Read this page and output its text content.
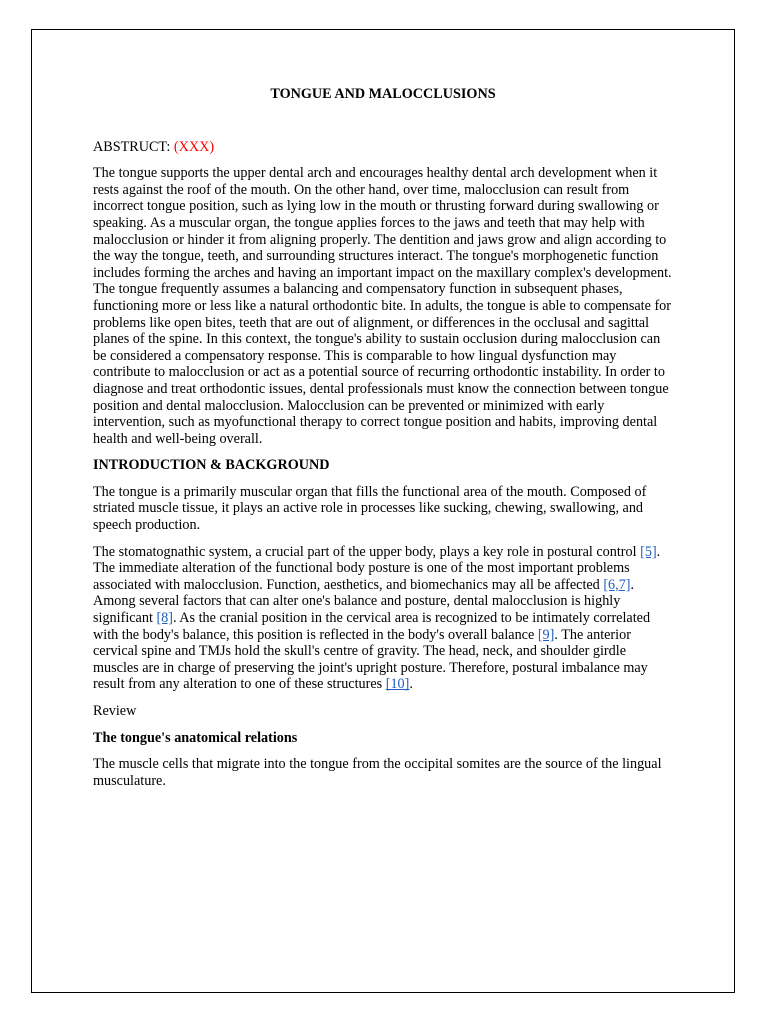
TONGUE AND MALOCCLUSIONS
ABSTRUCT: (XXX)

The tongue supports the upper dental arch and encourages healthy dental arch development when it rests against the roof of the mouth. On the other hand, over time, malocclusion can result from incorrect tongue position, such as lying low in the mouth or thrusting forward during swallowing or speaking. As a muscular organ, the tongue applies forces to the jaws and teeth that may help with malocclusion or hinder it from aligning properly. The dentition and jaws grow and align according to the way the tongue, teeth, and surrounding structures interact. The tongue's morphogenetic function includes forming the arches and having an important impact on the maxillary complex's development. The tongue frequently assumes a balancing and compensatory function in subsequent phases, functioning more or less like a natural orthodontic bite. In adults, the tongue is able to compensate for problems like open bites, teeth that are out of alignment, or differences in the occlusal and sagittal planes of the spine. In this context, the tongue's ability to sustain occlusion during malocclusion can be considered a compensatory response. This is comparable to how lingual dysfunction may contribute to malocclusion or act as a potential source of recurring orthodontic instability. In order to diagnose and treat orthodontic issues, dental professionals must know the connection between tongue position and dental malocclusion. Malocclusion can be prevented or minimized with early intervention, such as myofunctional therapy to correct tongue position and habits, improving dental health and well-being overall.

INTRODUCTION & BACKGROUND

The tongue is a primarily muscular organ that fills the functional area of the mouth. Composed of striated muscle tissue, it plays an active role in processes like sucking, chewing, swallowing, and speech production.

The stomatognathic system, a crucial part of the upper body, plays a key role in postural control [5]. The immediate alteration of the functional body posture is one of the most important problems associated with malocclusion. Function, aesthetics, and biomechanics may all be affected [6,7]. Among several factors that can alter one's balance and posture, dental malocclusion is highly significant [8]. As the cranial position in the cervical area is recognized to be intimately correlated with the body's balance, this position is reflected in the body's overall balance [9]. The anterior cervical spine and TMJs hold the skull's centre of gravity. The head, neck, and shoulder girdle muscles are in charge of preserving the joint's upright posture. Therefore, postural imbalance may result from any alteration to one of these structures [10].

Review

The tongue's anatomical relations

The muscle cells that migrate into the tongue from the occipital somites are the source of the lingual musculature.
